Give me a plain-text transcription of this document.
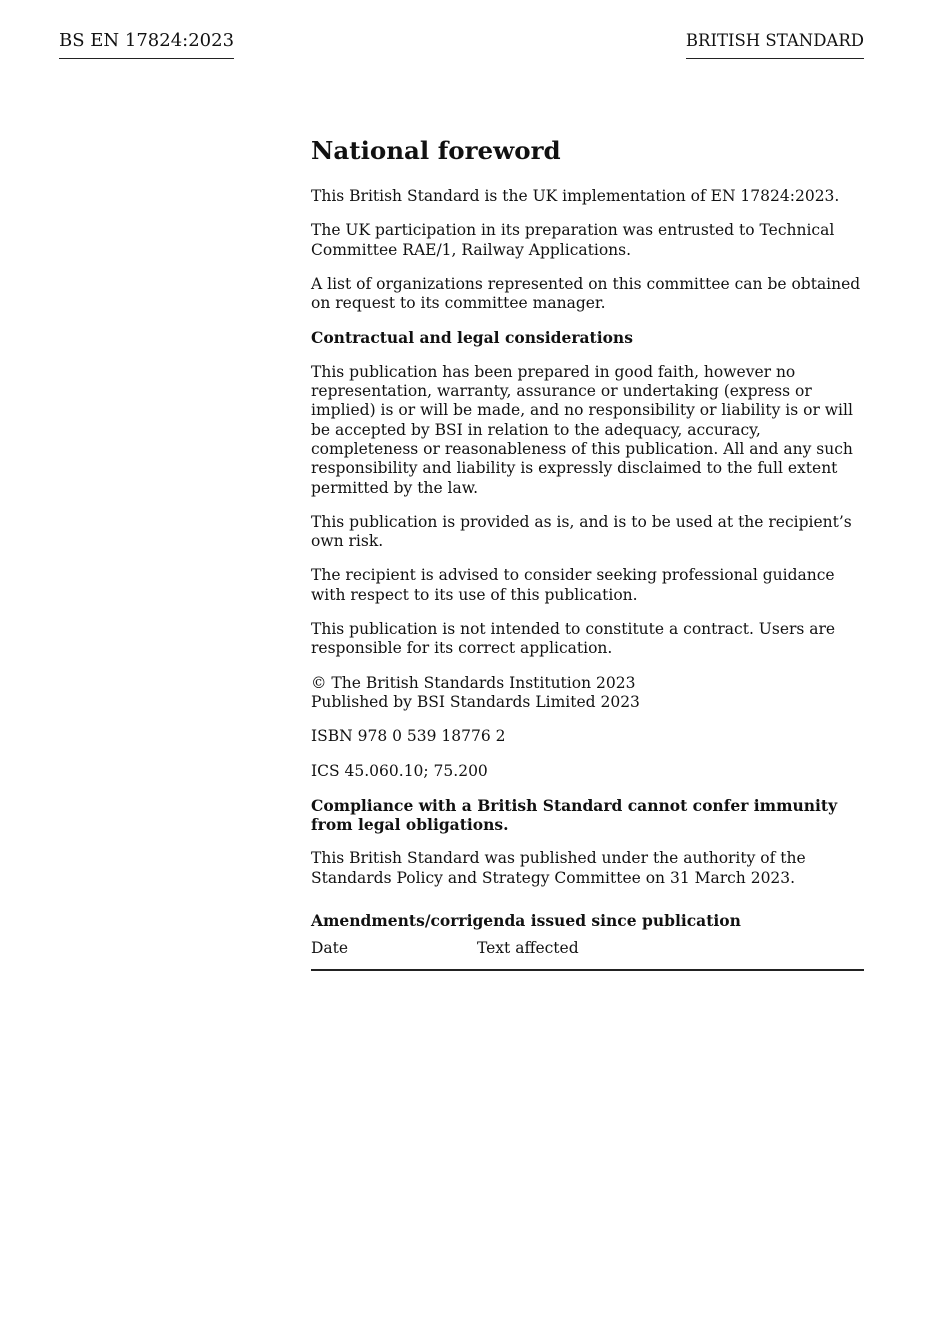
BS EN 17824:2023	BRITISH STANDARD
National foreword

This British Standard is the UK implementation of EN 17824:2023.

The UK participation in its preparation was entrusted to Technical Committee RAE/1, Railway Applications.

A list of organizations represented on this committee can be obtained on request to its committee manager.

Contractual and legal considerations

This publication has been prepared in good faith, however no representation, warranty, assurance or undertaking (express or implied) is or will be made, and no responsibility or liability is or will be accepted by BSI in relation to the adequacy, accuracy, completeness or reasonableness of this publication. All and any such responsibility and liability is expressly disclaimed to the full extent permitted by the law.

This publication is provided as is, and is to be used at the recipient’s own risk.

The recipient is advised to consider seeking professional guidance with respect to its use of this publication.

This publication is not intended to constitute a contract. Users are responsible for its correct application.

© The British Standards Institution 2023
Published by BSI Standards Limited 2023

ISBN 978 0 539 18776 2

ICS 45.060.10; 75.200

Compliance with a British Standard cannot confer immunity from legal obligations.

This British Standard was published under the authority of the Standards Policy and Strategy Committee on 31 March 2023.

Amendments/corrigenda issued since publication
Date	Text affected
